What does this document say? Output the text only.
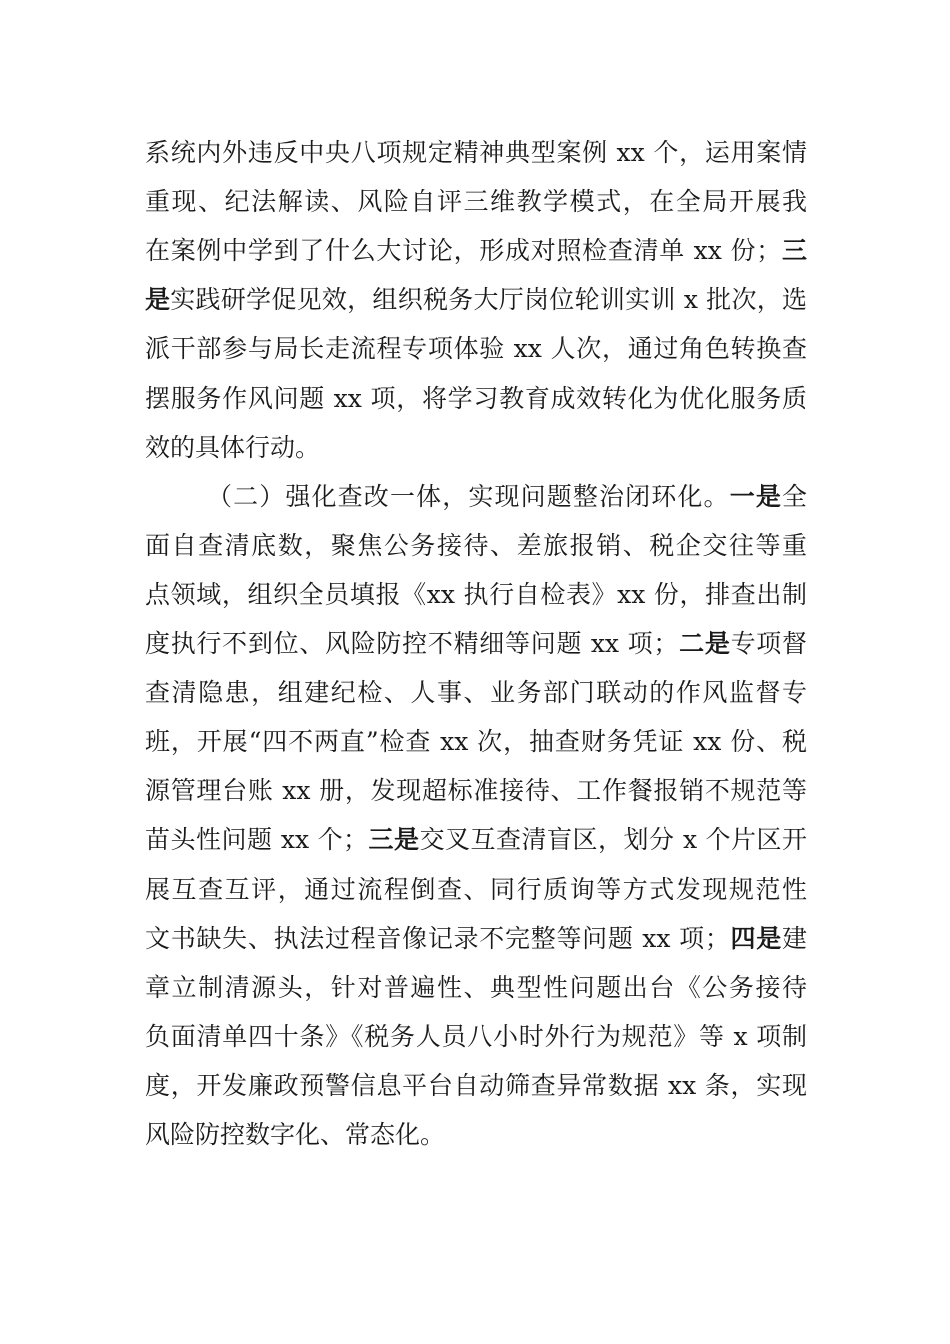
系统内外违反中央八项规定精神典型案例 xx 个，运用案情
重现、纪法解读、风险自评三维教学模式，在全局开展我
在案例中学到了什么大讨论，形成对照检查清单 xx 份；三
是实践研学促见效，组织税务大厅岗位轮训实训 x 批次，选
派干部参与局长走流程专项体验 xx 人次，通过角色转换查
摆服务作风问题 xx 项，将学习教育成效转化为优化服务质
效的具体行动。
（二）强化查改一体，实现问题整治闭环化。一是全
面自查清底数，聚焦公务接待、差旅报销、税企交往等重
点领域，组织全员填报《xx 执行自检表》xx 份，排查出制
度执行不到位、风险防控不精细等问题 xx 项；二是专项督
查清隐患，组建纪检、人事、业务部门联动的作风监督专
班，开展“四不两直”检查 xx 次，抽查财务凭证 xx 份、税
源管理台账 xx 册，发现超标准接待、工作餐报销不规范等
苗头性问题 xx 个；三是交叉互查清盲区，划分 x 个片区开
展互查互评，通过流程倒查、同行质询等方式发现规范性
文书缺失、执法过程音像记录不完整等问题 xx 项；四是建
章立制清源头，针对普遍性、典型性问题出台《公务接待
负面清单四十条》《税务人员八小时外行为规范》等 x 项制
度，开发廉政预警信息平台自动筛查异常数据 xx 条，实现
风险防控数字化、常态化。
